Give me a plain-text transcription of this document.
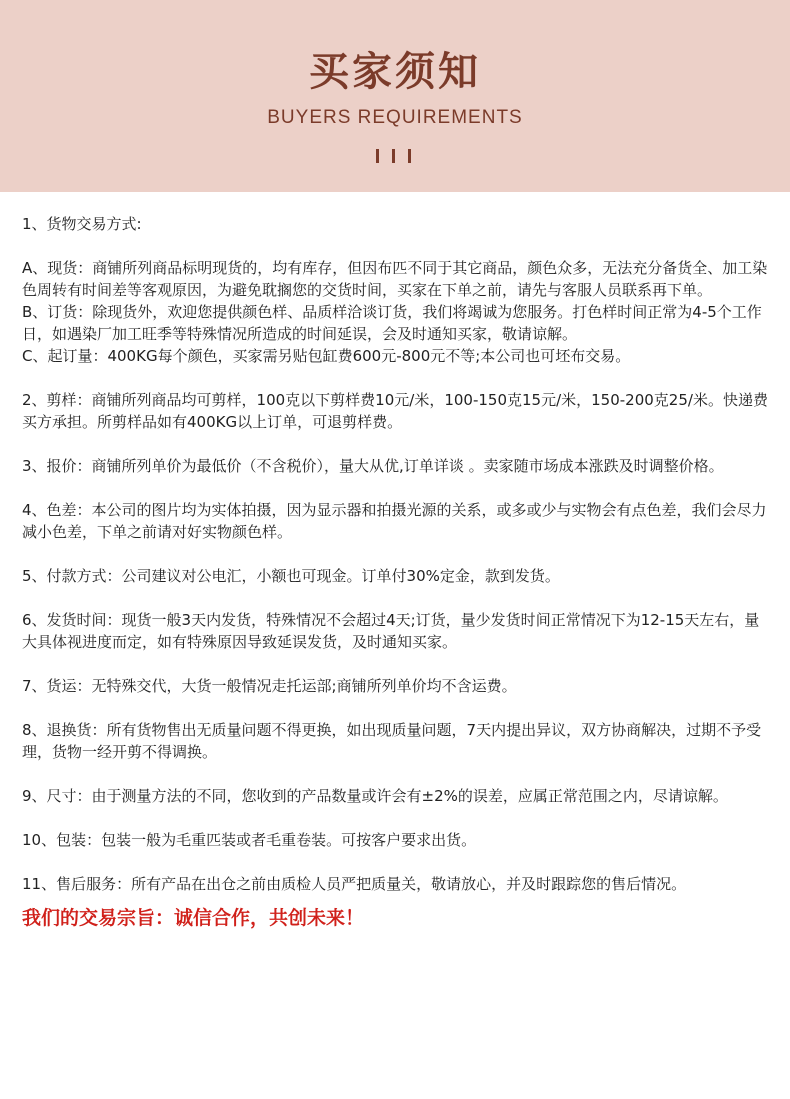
买家须知
BUYERS REQUIREMENTS

1、货物交易方式:

A、现货：商铺所列商品标明现货的，均有库存，但因布匹不同于其它商品，颜色众多，无法充分备货全、加工染色周转有时间差等客观原因，为避免耽搁您的交货时间，买家在下单之前，请先与客服人员联系再下单。

B、订货：除现货外，欢迎您提供颜色样、品质样洽谈订货，我们将竭诚为您服务。打色样时间正常为4-5个工作日，如遇染厂加工旺季等特殊情况所造成的时间延误，会及时通知买家，敬请谅解。

C、起订量：400KG每个颜色，买家需另贴包缸费600元-800元不等;本公司也可坯布交易。

2、剪样：商铺所列商品均可剪样，100克以下剪样费10元/米，100-150克15元/米，150-200克25/米。快递费买方承担。所剪样品如有400KG以上订单，可退剪样费。

3、报价：商铺所列单价为最低价（不含税价），量大从优,订单详谈 。卖家随市场成本涨跌及时调整价格。

4、色差：本公司的图片均为实体拍摄，因为显示器和拍摄光源的关系，或多或少与实物会有点色差，我们会尽力减小色差，下单之前请对好实物颜色样。

5、付款方式：公司建议对公电汇，小额也可现金。订单付30%定金，款到发货。

6、发货时间：现货一般3天内发货，特殊情况不会超过4天;订货，量少发货时间正常情况下为12-15天左右，量大具体视进度而定，如有特殊原因导致延误发货，及时通知买家。

7、货运：无特殊交代，大货一般情况走托运部;商铺所列单价均不含运费。

8、退换货：所有货物售出无质量问题不得更换，如出现质量问题，7天内提出异议，双方协商解决，过期不予受理，货物一经开剪不得调换。

9、尺寸：由于测量方法的不同，您收到的产品数量或许会有±2%的误差，应属正常范围之内，尽请谅解。

10、包装：包装一般为毛重匹装或者毛重卷装。可按客户要求出货。

11、售后服务：所有产品在出仓之前由质检人员严把质量关，敬请放心，并及时跟踪您的售后情况。

我们的交易宗旨：诚信合作，共创未来！
